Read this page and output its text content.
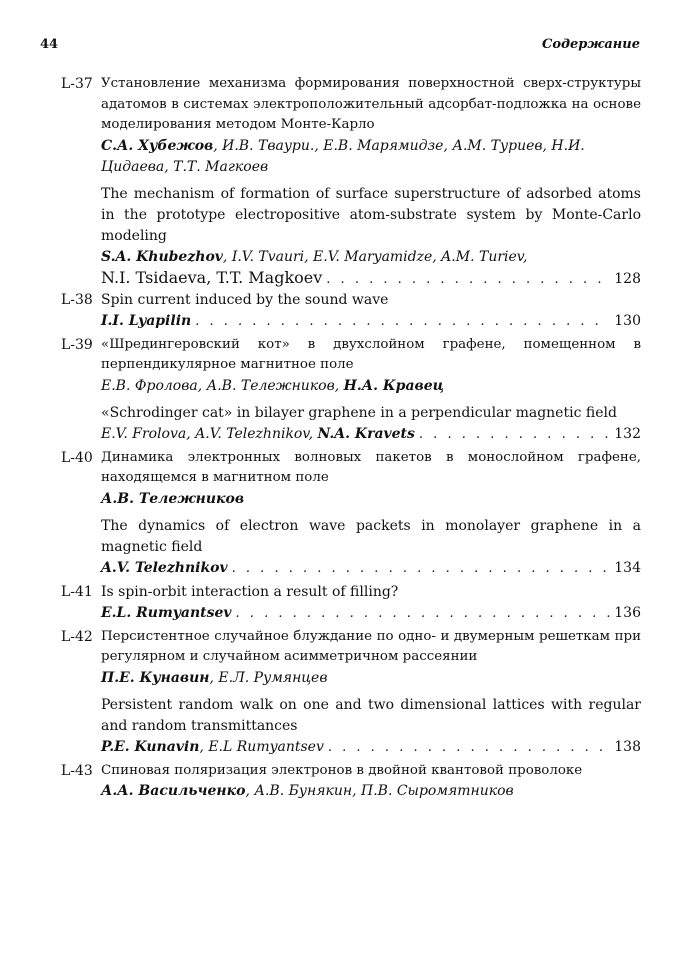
44	Содержание
L-37 Установление механизма формирования поверхностной сверх-структуры адатомов в системах электроположительный адсорбат-подложка на основе моделирования методом Монте-Карло
С.А. Хубежов, И.В. Тваури., Е.В. Марямидзе, А.М. Туриев, Н.И. Цидаева, Т.Т. Магкоев
The mechanism of formation of surface superstructure of adsorbed atoms in the prototype electropositive atom-substrate system by Monte-Carlo modeling
S.A. Khubezhov, I.V. Tvauri, E.V. Maryamidze, A.M. Turiev,
N.I. Tsidaeva, T.T. Magkoev . . .	128
L-38 Spin current induced by the sound wave
I.I. Lyapilin . . .	130
L-39 «Шредингеровский кот» в двухслойном графене, помещенном в перпендикулярное магнитное поле
Е.В. Фролова, А.В. Тележников, Н.А. Кравец
«Schrodinger cat» in bilayer graphene in a perpendicular magnetic field
E.V. Frolova, A.V. Telezhnikov, N.A. Kravets . . .	132
L-40 Динамика электронных волновых пакетов в монослойном графене, находящемся в магнитном поле
А.В. Тележников
The dynamics of electron wave packets in monolayer graphene in a magnetic field
A.V. Telezhnikov . . .	134
L-41 Is spin-orbit interaction a result of filling?
E.L. Rumyantsev . . .	136
L-42 Персистентное случайное блуждание по одно- и двумерным решеткам при регулярном и случайном асимметричном рассеянии
П.Е. Кунавин, Е.Л. Румянцев
Persistent random walk on one and two dimensional lattices with regular and random transmittances
P.E. Kunavin, E.L Rumyantsev . . .	138
L-43 Спиновая поляризация электронов в двойной квантовой проволоке
А.А. Васильченко, А.В. Бунякин, П.В. Сыромятников
